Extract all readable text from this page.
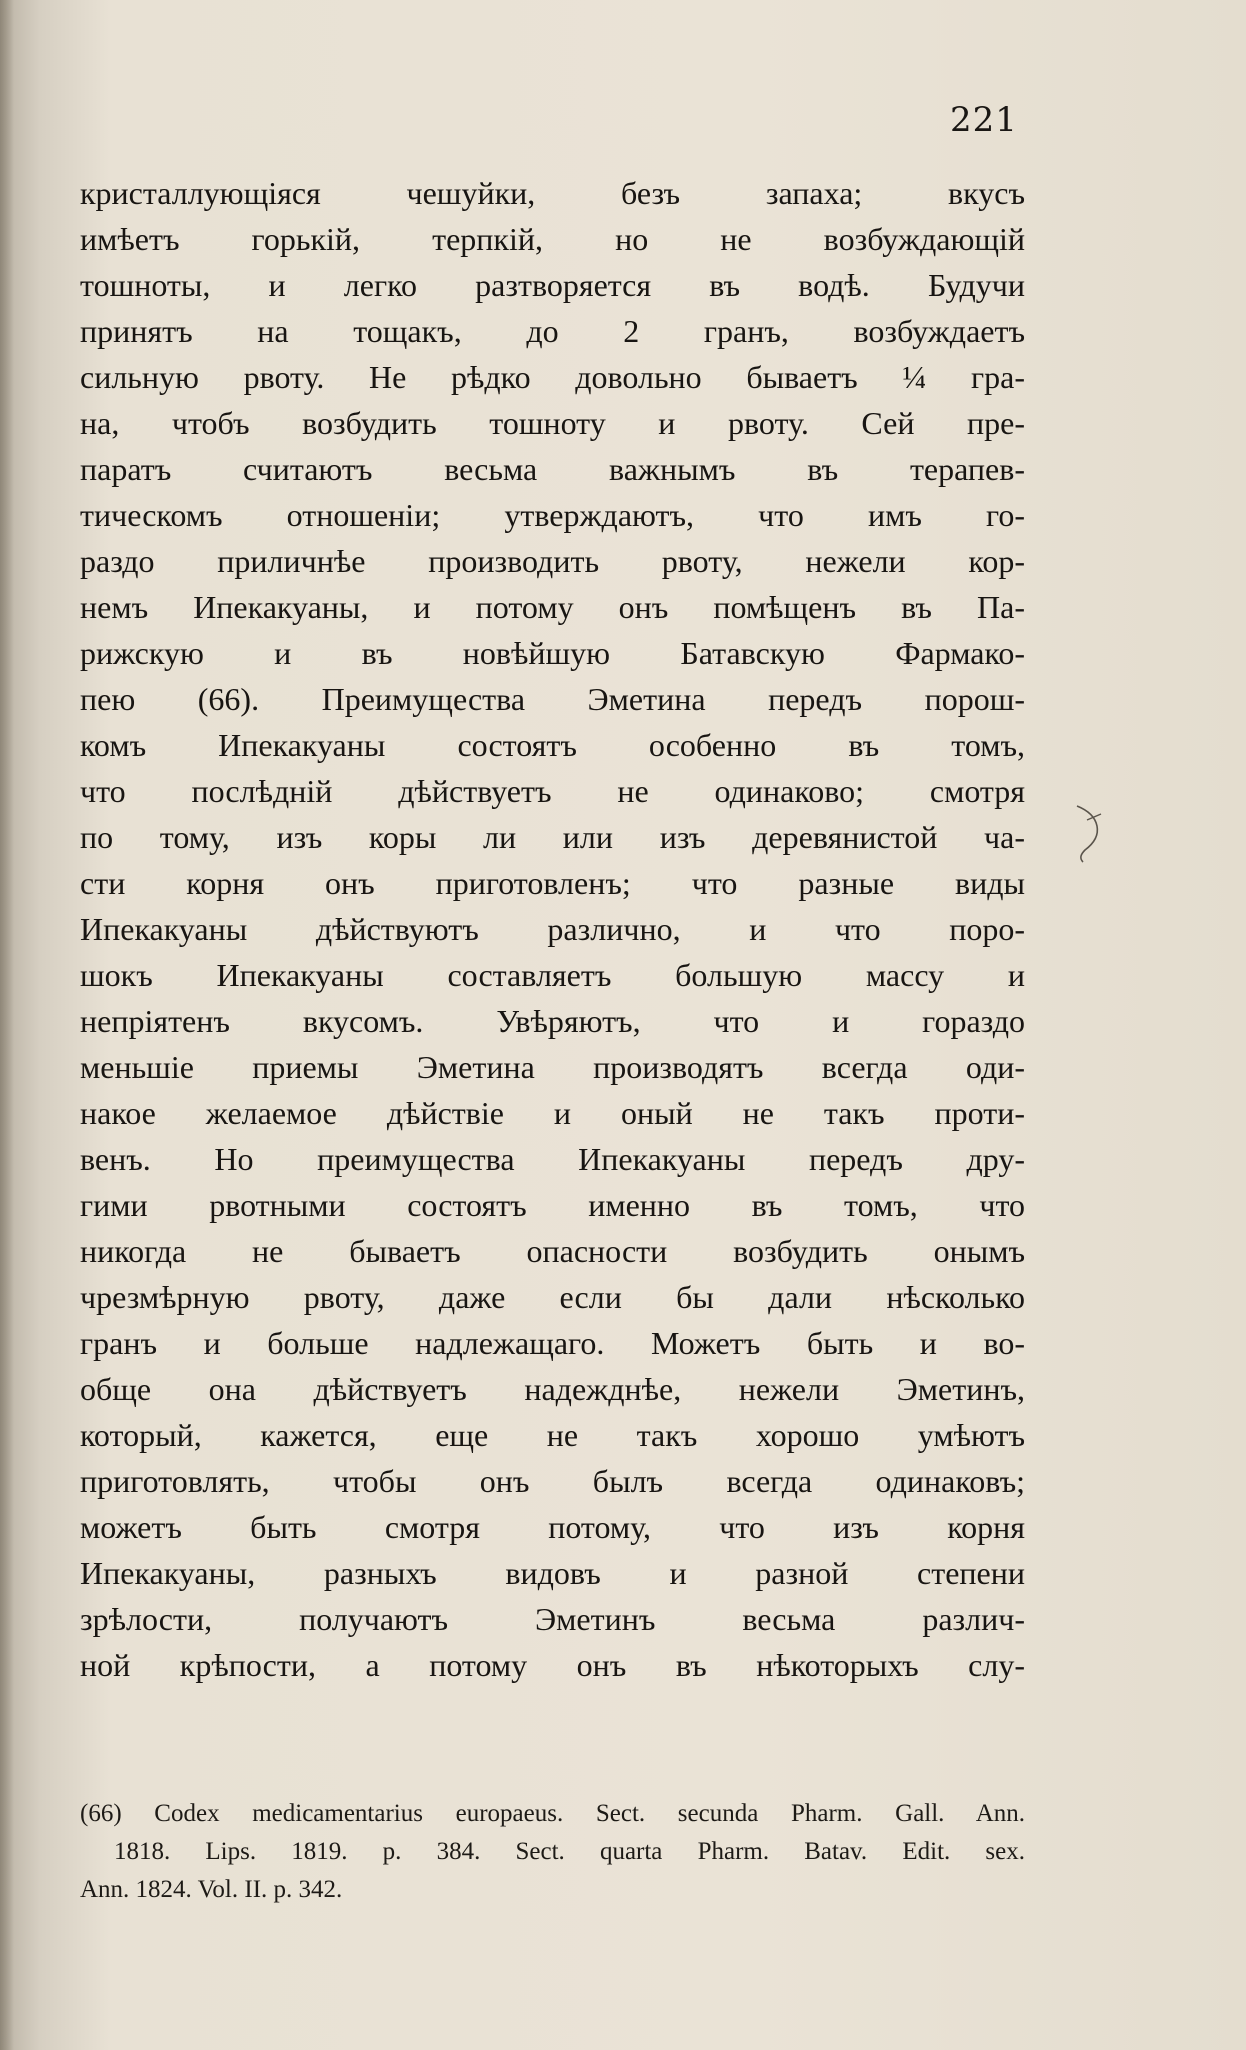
221
кристаллующіяся чешуйки, безъ запаха; вкусъ
имѣетъ горькій, терпкій, но не возбуждающій
тошноты, и легко разтворяется въ водѣ. Будучи
принятъ на тощакъ, до 2 гранъ, возбуждаетъ
сильную рвоту. Не рѣдко довольно бываетъ ¼ гра-
на, чтобъ возбудить тошноту и рвоту. Сей пре-
паратъ считаютъ весьма важнымъ въ терапев-
тическомъ отношеніи; утверждаютъ, что имъ го-
раздо приличнѣе производить рвоту, нежели кор-
немъ Ипекакуаны, и потому онъ помѣщенъ въ Па-
рижскую и въ новѣйшую Батавскую Фармако-
пею (66). Преимущества Эметина передъ порош-
комъ Ипекакуаны состоятъ особенно въ томъ,
что послѣдній дѣйствуетъ не одинаково; смотря
по тому, изъ коры ли или изъ деревянистой ча-
сти корня онъ приготовленъ; что разные виды
Ипекакуаны дѣйствуютъ различно, и что поро-
шокъ Ипекакуаны составляетъ большую массу и
непріятенъ вкусомъ. Увѣряютъ, что и гораздо
меньшіе приемы Эметина производятъ всегда оди-
накое желаемое дѣйствіе и оный не такъ проти-
венъ. Но преимущества Ипекакуаны передъ дру-
гими рвотными состоятъ именно въ томъ, что
никогда не бываетъ опасности возбудить онымъ
чрезмѣрную рвоту, даже если бы дали нѣсколько
гранъ и больше надлежащаго. Можетъ быть и во-
обще она дѣйствуетъ надежднѣе, нежели Эметинъ,
который, кажется, еще не такъ хорошо умѣютъ
приготовлять, чтобы онъ былъ всегда одинаковъ;
можетъ быть смотря потому, что изъ корня
Ипекакуаны, разныхъ видовъ и разной степени
зрѣлости, получаютъ Эметинъ весьма различ-
ной крѣпости, а потому онъ въ нѣкоторыхъ слу-
(66) Codex medicamentarius europaeus. Sect. secunda Pharm. Gall. Ann.
1818. Lips. 1819. p. 384. Sect. quarta Pharm. Batav. Edit. sex.
Ann. 1824. Vol. II. p. 342.
